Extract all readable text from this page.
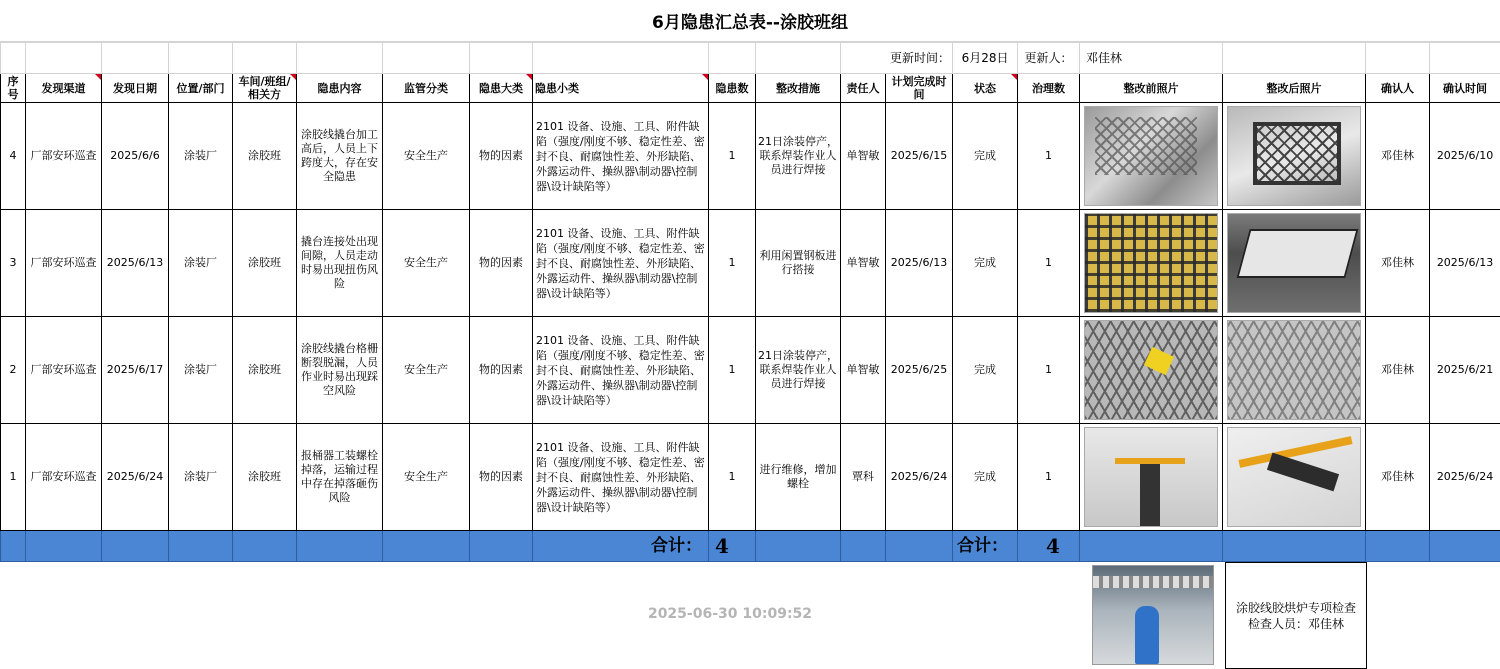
6月隐患汇总表--涂胶班组
											更新时间：		6月28日	更新人：	邓佳林			
序号	发现渠道	发现日期	位置/部门	车间/班组/相关方	隐患内容	监管分类	隐患大类	隐患小类	隐患数	整改措施	责任人	计划完成时间	状态	治理数	整改前照片	整改后照片	确认人	确认时间
4	厂部安环巡查	2025/6/6	涂装厂	涂胶班	涂胶线撬台加工高后，人员上下跨度大，存在安全隐患	安全生产	物的因素	2101 设备、设施、工具、附件缺陷（强度/刚度不够、稳定性差、密封不良、耐腐蚀性差、外形缺陷、外露运动件、操纵器\制动器\控制器\设计缺陷等）	1	21日涂装停产，联系焊装作业人员进行焊接	单智敏	2025/6/15	完成	1			邓佳林	2025/6/10
3	厂部安环巡查	2025/6/13	涂装厂	涂胶班	撬台连接处出现间隙，人员走动时易出现扭伤风险	安全生产	物的因素	2101 设备、设施、工具、附件缺陷（强度/刚度不够、稳定性差、密封不良、耐腐蚀性差、外形缺陷、外露运动件、操纵器\制动器\控制器\设计缺陷等）	1	利用闲置钢板进行搭接	单智敏	2025/6/13	完成	1			邓佳林	2025/6/13
2	厂部安环巡查	2025/6/17	涂装厂	涂胶班	涂胶线撬台格栅断裂脱漏，人员作业时易出现踩空风险	安全生产	物的因素	2101 设备、设施、工具、附件缺陷（强度/刚度不够、稳定性差、密封不良、耐腐蚀性差、外形缺陷、外露运动件、操纵器\制动器\控制器\设计缺陷等）	1	21日涂装停产，联系焊装作业人员进行焊接	单智敏	2025/6/25	完成	1			邓佳林	2025/6/21
1	厂部安环巡查	2025/6/24	涂装厂	涂胶班	报桶器工装螺栓掉落，运输过程中存在掉落砸伤风险	安全生产	物的因素	2101 设备、设施、工具、附件缺陷（强度/刚度不够、稳定性差、密封不良、耐腐蚀性差、外形缺陷、外露运动件、操纵器\制动器\控制器\设计缺陷等）	1	进行维修，增加螺栓	覃科	2025/6/24	完成	1			邓佳林	2025/6/24
								合计：	4				合计：	4				
2025-06-30 10:09:52	涂胶线胶烘炉专项检查
检查人员：邓佳林
